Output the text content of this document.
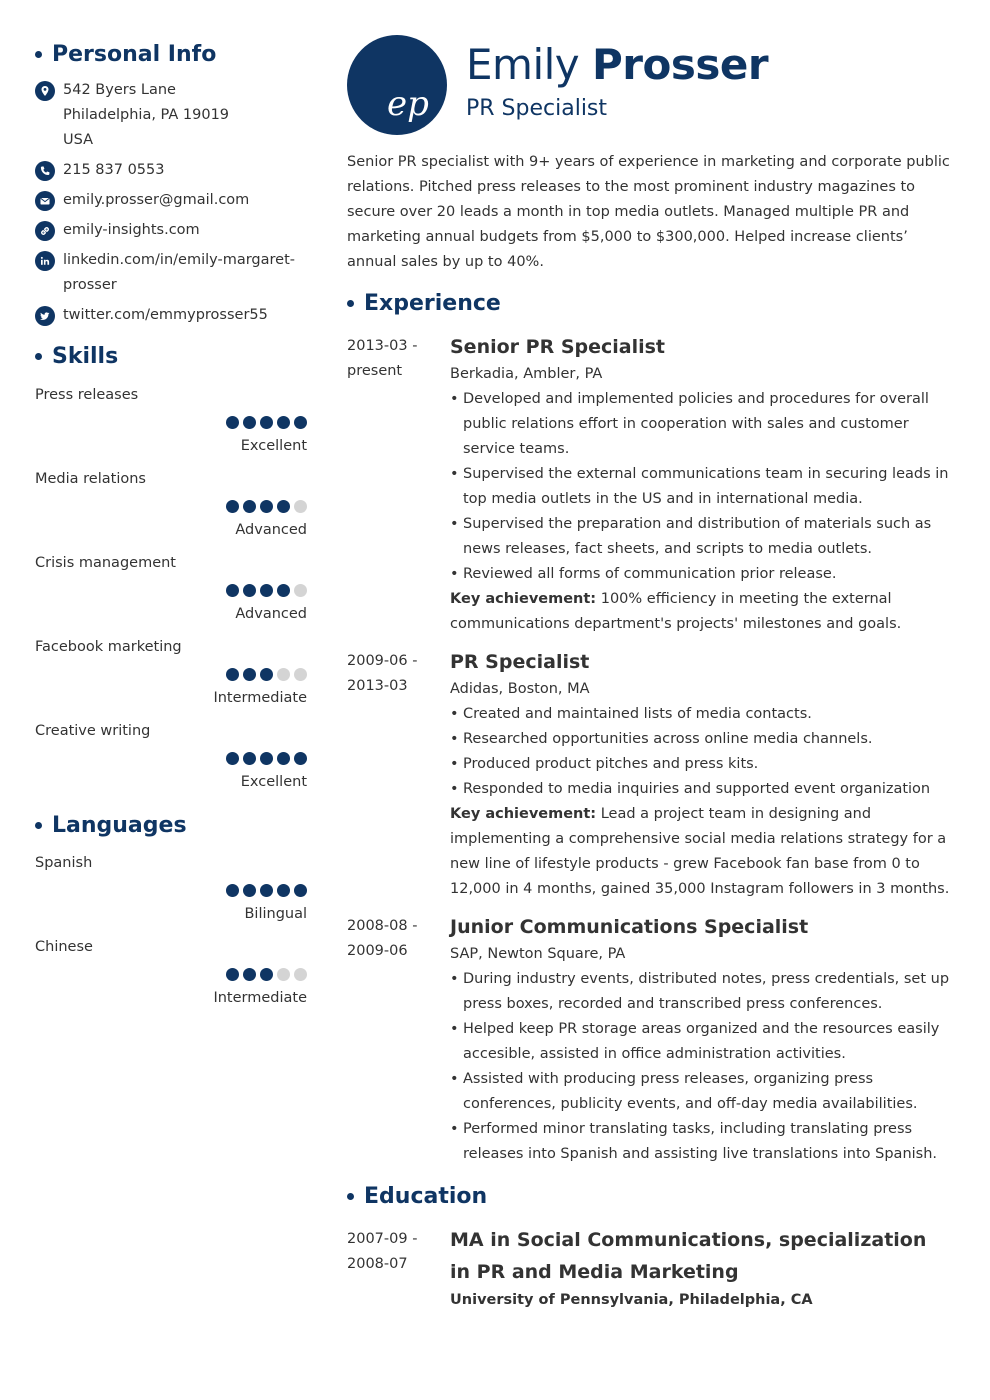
Personal Info
542 Byers Lane
Philadelphia, PA 19019
USA
215 837 0553
emily.prosser@gmail.com
emily-insights.com
linkedin.com/in/emily-margaret-
prosser
twitter.com/emmyprosser55
Skills
Press releases
Excellent
Media relations
Advanced
Crisis management
Advanced
Facebook marketing
Intermediate
Creative writing
Excellent
Languages
Spanish
Bilingual
Chinese
Intermediate
ep
Emily Prosser
PR Specialist
Senior PR specialist with 9+ years of experience in marketing and corporate public relations. Pitched press releases to the most prominent industry magazines to secure over 20 leads a month in top media outlets. Managed multiple PR and marketing annual budgets from $5,000 to $300,000. Helped increase clients’ annual sales by up to 40%.
Experience
2013-03 -
present
Senior PR Specialist
Berkadia, Ambler, PA
• Developed and implemented policies and procedures for overall public relations effort in cooperation with sales and customer service teams.
• Supervised the external communications team in securing leads in top media outlets in the US and in international media.
• Supervised the preparation and distribution of materials such as news releases, fact sheets, and scripts to media outlets.
• Reviewed all forms of communication prior release.
Key achievement: 100% efficiency in meeting the external communications department's projects' milestones and goals.
2009-06 -
2013-03
PR Specialist
Adidas, Boston, MA
• Created and maintained lists of media contacts.
• Researched opportunities across online media channels.
• Produced product pitches and press kits.
• Responded to media inquiries and supported event organization
Key achievement: Lead a project team in designing and implementing a comprehensive social media relations strategy for a new line of lifestyle products - grew Facebook fan base from 0 to 12,000 in 4 months, gained 35,000 Instagram followers in 3 months.
2008-08 -
2009-06
Junior Communications Specialist
SAP, Newton Square, PA
• During industry events, distributed notes, press credentials, set up press boxes, recorded and transcribed press conferences.
• Helped keep PR storage areas organized and the resources easily accesible, assisted in office administration activities.
• Assisted with producing press releases, organizing press conferences, publicity events, and off-day media availabilities.
• Performed minor translating tasks, including translating press releases into Spanish and assisting live translations into Spanish.
Education
2007-09 -
2008-07
MA in Social Communications, specialization in PR and Media Marketing
University of Pennsylvania, Philadelphia, CA
